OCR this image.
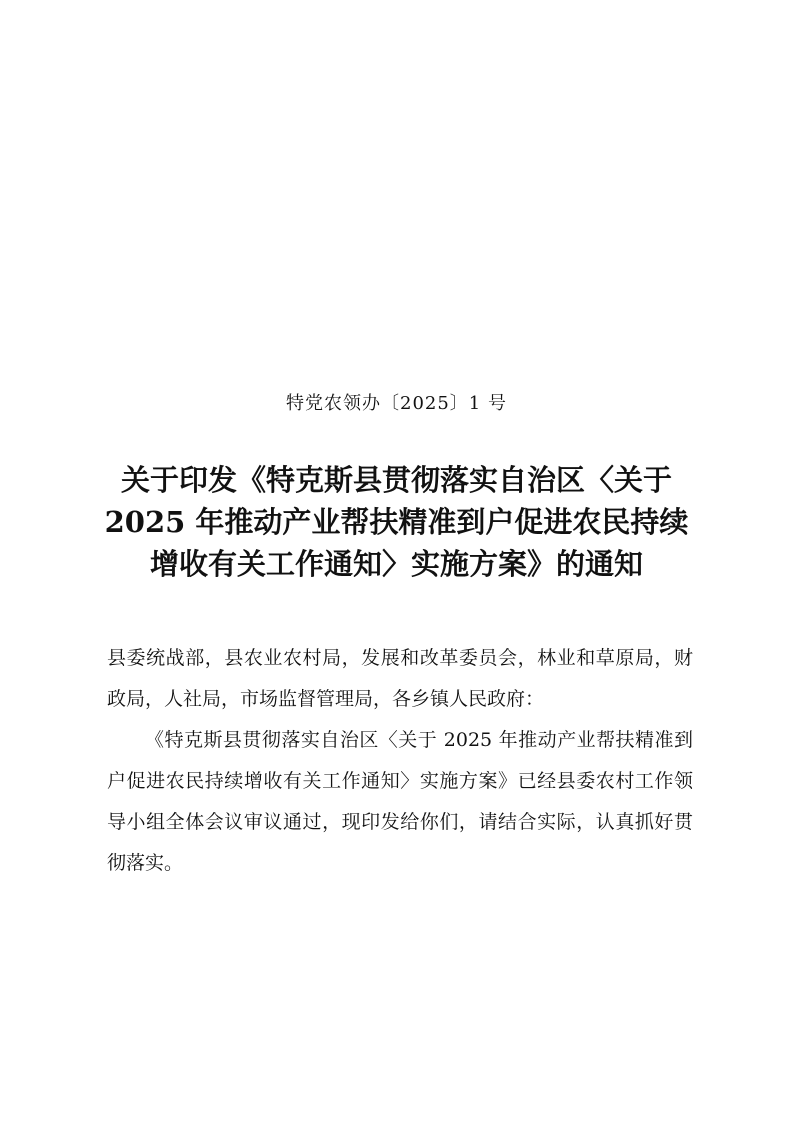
特党农领办〔2025〕1 号
关于印发《特克斯县贯彻落实自治区〈关于
2025 年推动产业帮扶精准到户促进农民持续
增收有关工作通知〉实施方案》的通知

县委统战部，县农业农村局，发展和改革委员会，林业和草原局，财政局，人社局，市场监督管理局，各乡镇人民政府：

《特克斯县贯彻落实自治区〈关于 2025 年推动产业帮扶精准到户促进农民持续增收有关工作通知〉实施方案》已经县委农村工作领导小组全体会议审议通过，现印发给你们，请结合实际，认真抓好贯彻落实。
